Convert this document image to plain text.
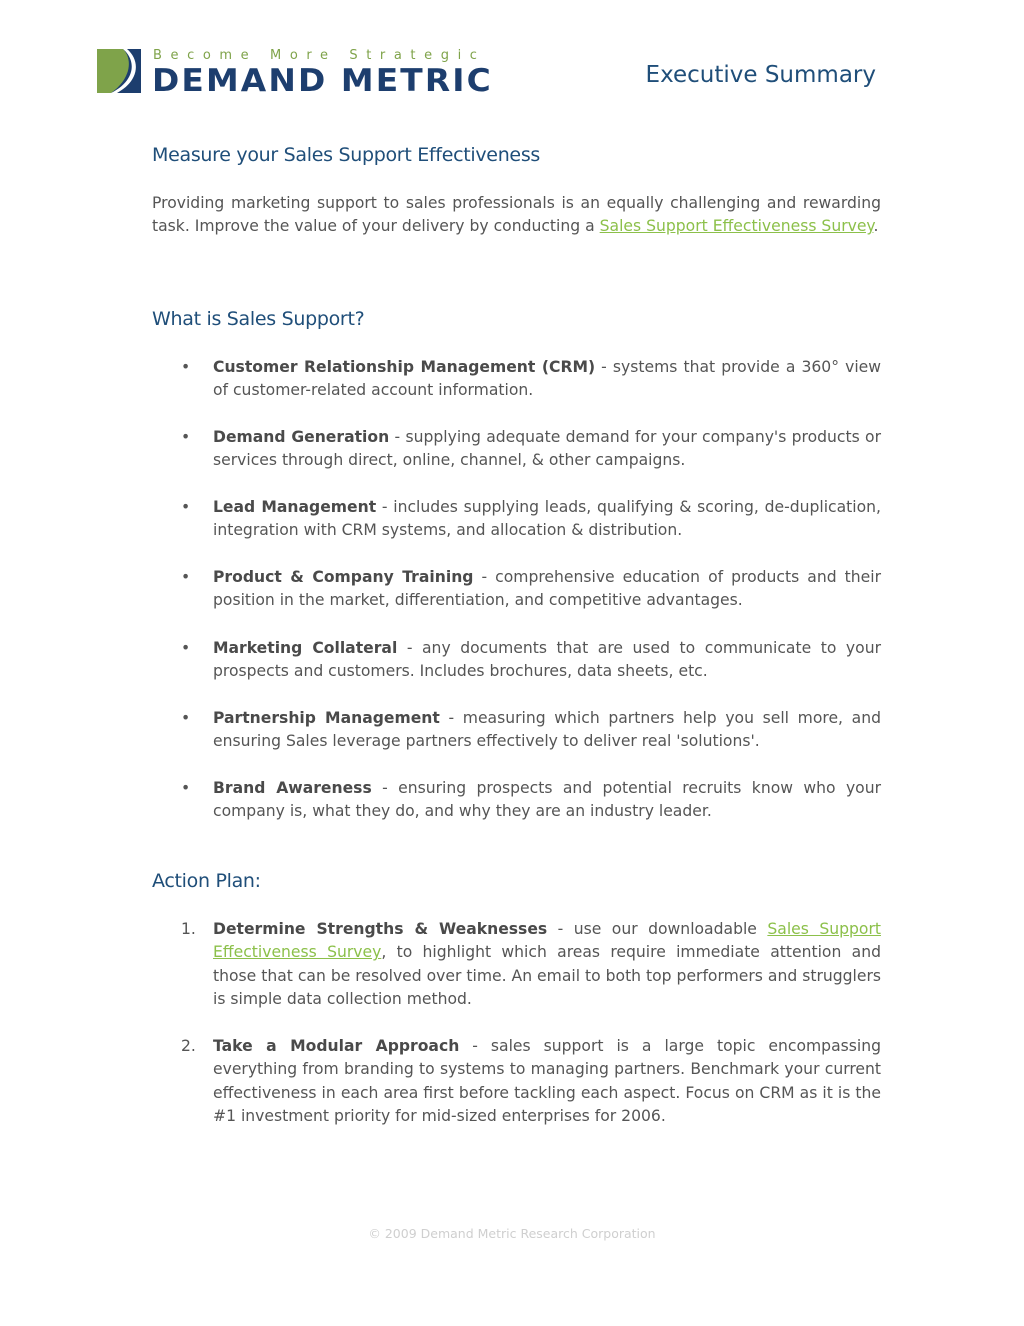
Become More Strategic
DEMAND METRIC	Executive Summary
Measure your Sales Support Effectiveness
Providing marketing support to sales professionals is an equally challenging and rewarding task. Improve the value of your delivery by conducting a Sales Support Effectiveness Survey.
What is Sales Support?
•	Customer Relationship Management (CRM) - systems that provide a 360° view of customer-related account information.
•	Demand Generation - supplying adequate demand for your company's products or services through direct, online, channel, & other campaigns.
•	Lead Management - includes supplying leads, qualifying & scoring, de-duplication, integration with CRM systems, and allocation & distribution.
•	Product & Company Training - comprehensive education of products and their position in the market, differentiation, and competitive advantages.
•	Marketing Collateral - any documents that are used to communicate to your prospects and customers. Includes brochures, data sheets, etc.
•	Partnership Management - measuring which partners help you sell more, and ensuring Sales leverage partners effectively to deliver real 'solutions'.
•	Brand Awareness - ensuring prospects and potential recruits know who your company is, what they do, and why they are an industry leader.
Action Plan:
1.	Determine Strengths & Weaknesses - use our downloadable Sales Support Effectiveness Survey, to highlight which areas require immediate attention and those that can be resolved over time. An email to both top performers and strugglers is simple data collection method.
2.	Take a Modular Approach - sales support is a large topic encompassing everything from branding to systems to managing partners. Benchmark your current effectiveness in each area first before tackling each aspect. Focus on CRM as it is the #1 investment priority for mid-sized enterprises for 2006.
© 2009 Demand Metric Research Corporation
